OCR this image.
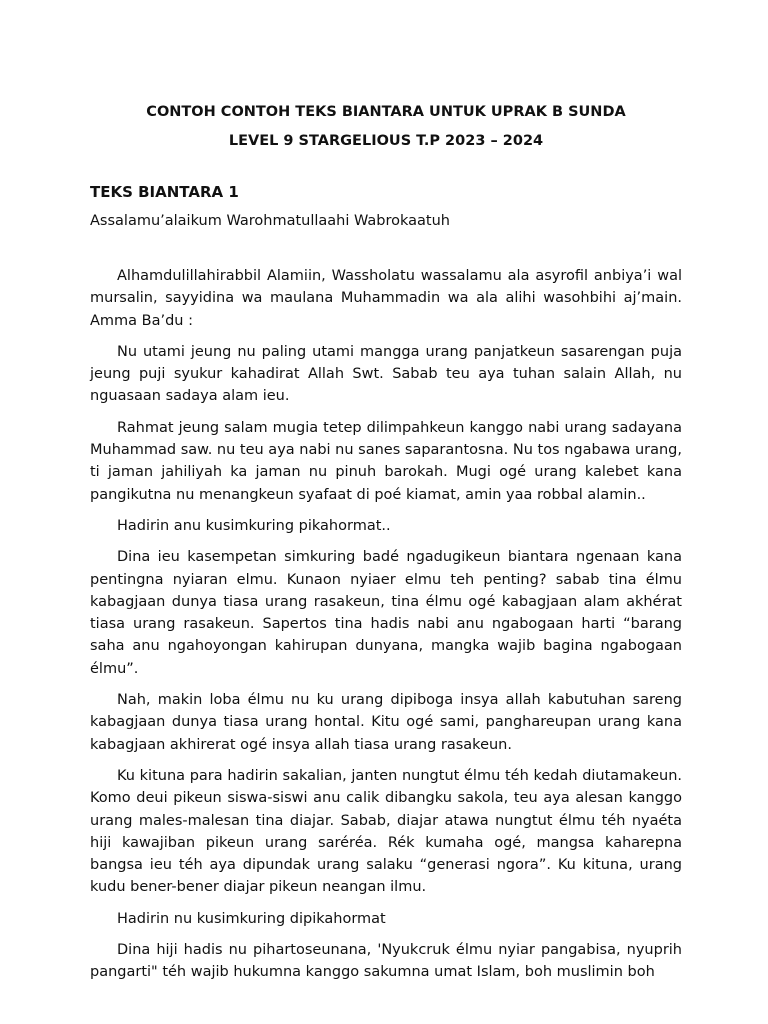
CONTOH CONTOH TEKS BIANTARA UNTUK UPRAK B SUNDA

LEVEL 9 STARGELIOUS T.P 2023 – 2024

TEKS BIANTARA 1

Assalamu’alaikum Warohmatullaahi Wabrokaatuh

Alhamdulillahirabbil Alamiin, Wassholatu wassalamu ala asyrofil anbiya’i wal mursalin, sayyidina wa maulana Muhammadin wa ala alihi wasohbihi aj’main. Amma Ba’du :

Nu utami jeung nu paling utami mangga urang panjatkeun sasarengan puja jeung puji syukur kahadirat Allah Swt. Sabab teu aya tuhan salain Allah, nu nguasaan sadaya alam ieu.

Rahmat jeung salam mugia tetep dilimpahkeun kanggo nabi urang sadayana Muhammad saw. nu teu aya nabi nu sanes saparantosna. Nu tos ngabawa urang, ti jaman jahiliyah ka jaman nu pinuh barokah. Mugi ogé urang kalebet kana pangikutna nu menangkeun syafaat di poé kiamat, amin yaa robbal alamin..

Hadirin anu kusimkuring pikahormat..

Dina ieu kasempetan simkuring badé ngadugikeun biantara ngenaan kana pentingna nyiaran elmu. Kunaon nyiaer elmu teh penting? sabab tina élmu kabagjaan dunya tiasa urang rasakeun, tina élmu ogé kabagjaan alam akhérat tiasa urang rasakeun. Sapertos tina hadis nabi anu ngabogaan harti “barang saha anu ngahoyongan kahirupan dunyana, mangka wajib bagina ngabogaan élmu”.

Nah, makin loba élmu nu ku urang dipiboga insya allah kabutuhan sareng kabagjaan dunya tiasa urang hontal. Kitu ogé sami, panghareupan urang kana kabagjaan akhirerat ogé insya allah tiasa urang rasakeun.

Ku kituna para hadirin sakalian, janten nungtut élmu téh kedah diutamakeun. Komo deui pikeun siswa-siswi anu calik dibangku sakola, teu aya alesan kanggo urang males-malesan tina diajar. Sabab, diajar atawa nungtut élmu téh nyaéta hiji kawajiban pikeun urang saréréa. Rék kumaha ogé, mangsa kaharepna bangsa ieu téh aya dipundak urang salaku “generasi ngora”. Ku kituna, urang kudu bener-bener diajar pikeun neangan ilmu.

Hadirin nu kusimkuring dipikahormat

Dina hiji hadis nu pihartoseunana, 'Nyukcruk élmu nyiar pangabisa, nyuprih pangarti" téh wajib hukumna kanggo sakumna umat Islam, boh muslimin boh
